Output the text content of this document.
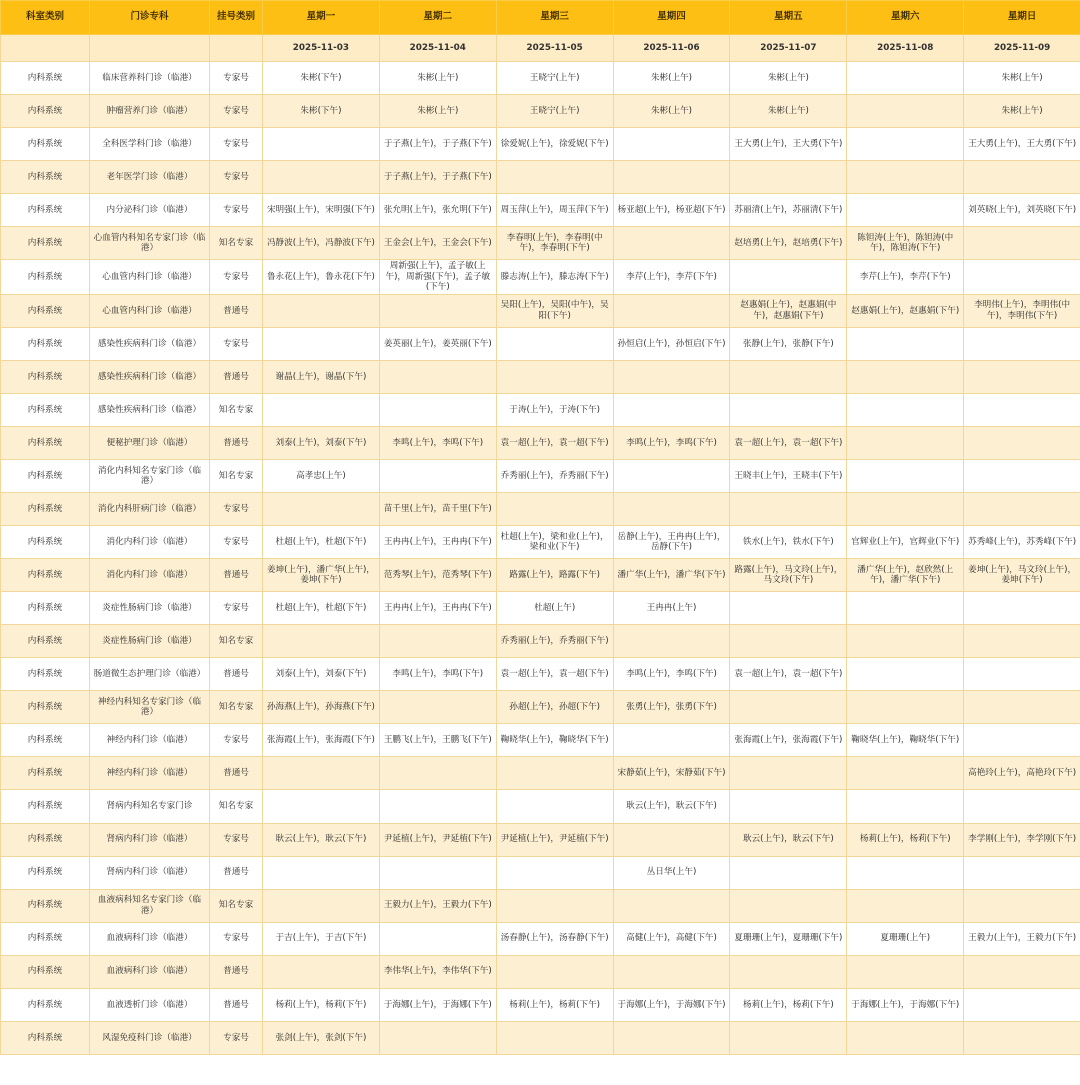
科室类别	门诊专科	挂号类别	星期一	星期二	星期三	星期四	星期五	星期六	星期日
			2025-11-03	2025-11-04	2025-11-05	2025-11-06	2025-11-07	2025-11-08	2025-11-09
内科系统	临床营养科门诊（临港）	专家号	朱彬(下午)	朱彬(上午)	王晓宁(上午)	朱彬(上午)	朱彬(上午)		朱彬(上午)
内科系统	肿瘤营养门诊（临港）	专家号	朱彬(下午)	朱彬(上午)	王晓宁(上午)	朱彬(上午)	朱彬(上午)		朱彬(上午)
内科系统	全科医学科门诊（临港）	专家号		于子燕(上午)，于子燕(下午)	徐爱妮(上午)，徐爱妮(下午)		王大勇(上午)，王大勇(下午)		王大勇(上午)，王大勇(下午)
内科系统	老年医学门诊（临港）	专家号		于子燕(上午)，于子燕(下午)					
内科系统	内分泌科门诊（临港）	专家号	宋明强(上午)，宋明强(下午)	张允明(上午)，张允明(下午)	周玉萍(上午)，周玉萍(下午)	杨亚超(上午)，杨亚超(下午)	苏丽清(上午)，苏丽清(下午)		刘英晓(上午)，刘英晓(下午)
内科系统	心血管内科知名专家门诊（临港）	知名专家	冯静波(上午)，冯静波(下午)	王金会(上午)，王金会(下午)	李春明(上午)，李春明(中午)，李春明(下午)		赵培勇(上午)，赵培勇(下午)	陈钽涛(上午)，陈钽涛(中午)，陈钽涛(下午)	
内科系统	心血管内科门诊（临港）	专家号	鲁永花(上午)，鲁永花(下午)	周新强(上午)，孟子敏(上午)，周新强(下午)，孟子敏(下午)	滕志涛(上午)，滕志涛(下午)	李芹(上午)，李芹(下午)		李芹(上午)，李芹(下午)	
内科系统	心血管内科门诊（临港）	普通号			吴阳(上午)，吴阳(中午)，吴阳(下午)		赵惠娟(上午)，赵惠娟(中午)，赵惠娟(下午)	赵惠娟(上午)，赵惠娟(下午)	李明伟(上午)，李明伟(中午)，李明伟(下午)
内科系统	感染性疾病科门诊（临港）	专家号		姜英丽(上午)，姜英丽(下午)		孙恒启(上午)，孙恒启(下午)	张静(上午)，张静(下午)		
内科系统	感染性疾病科门诊（临港）	普通号	谢晶(上午)，谢晶(下午)						
内科系统	感染性疾病科门诊（临港）	知名专家			于涛(上午)，于涛(下午)				
内科系统	便秘护理门诊（临港）	普通号	刘泰(上午)，刘泰(下午)	李鸣(上午)，李鸣(下午)	袁一超(上午)，袁一超(下午)	李鸣(上午)，李鸣(下午)	袁一超(上午)，袁一超(下午)		
内科系统	消化内科知名专家门诊（临港）	知名专家	高孝忠(上午)		乔秀丽(上午)，乔秀丽(下午)		王晓丰(上午)，王晓丰(下午)		
内科系统	消化内科肝病门诊（临港）	专家号		苗千里(上午)，苗千里(下午)					
内科系统	消化内科门诊（临港）	专家号	杜超(上午)，杜超(下午)	王冉冉(上午)，王冉冉(下午)	杜超(上午)，梁和业(上午)，梁和业(下午)	岳静(上午)，王冉冉(上午)，岳静(下午)	铁水(上午)，铁水(下午)	官辉业(上午)，官辉业(下午)	苏秀峰(上午)，苏秀峰(下午)
内科系统	消化内科门诊（临港）	普通号	姜坤(上午)，潘广华(上午)，姜坤(下午)	范秀琴(上午)，范秀琴(下午)	路露(上午)，路露(下午)	潘广华(上午)，潘广华(下午)	路露(上午)，马文玲(上午)，马文玲(下午)	潘广华(上午)，赵欣然(上午)，潘广华(下午)	姜坤(上午)，马文玲(上午)，姜坤(下午)
内科系统	炎症性肠病门诊（临港）	专家号	杜超(上午)，杜超(下午)	王冉冉(上午)，王冉冉(下午)	杜超(上午)	王冉冉(上午)			
内科系统	炎症性肠病门诊（临港）	知名专家			乔秀丽(上午)，乔秀丽(下午)				
内科系统	肠道微生态护理门诊（临港）	普通号	刘泰(上午)，刘泰(下午)	李鸣(上午)，李鸣(下午)	袁一超(上午)，袁一超(下午)	李鸣(上午)，李鸣(下午)	袁一超(上午)，袁一超(下午)		
内科系统	神经内科知名专家门诊（临港）	知名专家	孙海燕(上午)，孙海燕(下午)		孙超(上午)，孙超(下午)	张勇(上午)，张勇(下午)			
内科系统	神经内科门诊（临港）	专家号	张海霞(上午)，张海霞(下午)	王鹏飞(上午)，王鹏飞(下午)	鞠晓华(上午)，鞠晓华(下午)		张海霞(上午)，张海霞(下午)	鞠晓华(上午)，鞠晓华(下午)	
内科系统	神经内科门诊（临港）	普通号				宋静茹(上午)，宋静茹(下午)			高艳玲(上午)，高艳玲(下午)
内科系统	肾病内科知名专家门诊	知名专家				耿云(上午)，耿云(下午)			
内科系统	肾病内科门诊（临港）	专家号	耿云(上午)，耿云(下午)	尹延植(上午)，尹延植(下午)	尹延植(上午)，尹延植(下午)		耿云(上午)，耿云(下午)	杨莉(上午)，杨莉(下午)	李学刚(上午)，李学刚(下午)
内科系统	肾病内科门诊（临港）	普通号				丛日华(上午)			
内科系统	血液病科知名专家门诊（临港）	知名专家		王毅力(上午)，王毅力(下午)					
内科系统	血液病科门诊（临港）	专家号	于吉(上午)，于吉(下午)		汤春静(上午)，汤春静(下午)	高健(上午)，高健(下午)	夏珊珊(上午)，夏珊珊(下午)	夏珊珊(上午)	王毅力(上午)，王毅力(下午)
内科系统	血液病科门诊（临港）	普通号		李伟华(上午)，李伟华(下午)					
内科系统	血液透析门诊（临港）	普通号	杨莉(上午)，杨莉(下午)	于海娜(上午)，于海娜(下午)	杨莉(上午)，杨莉(下午)	于海娜(上午)，于海娜(下午)	杨莉(上午)，杨莉(下午)	于海娜(上午)，于海娜(下午)	
内科系统	风湿免疫科门诊（临港）	专家号	张剑(上午)，张剑(下午)						
